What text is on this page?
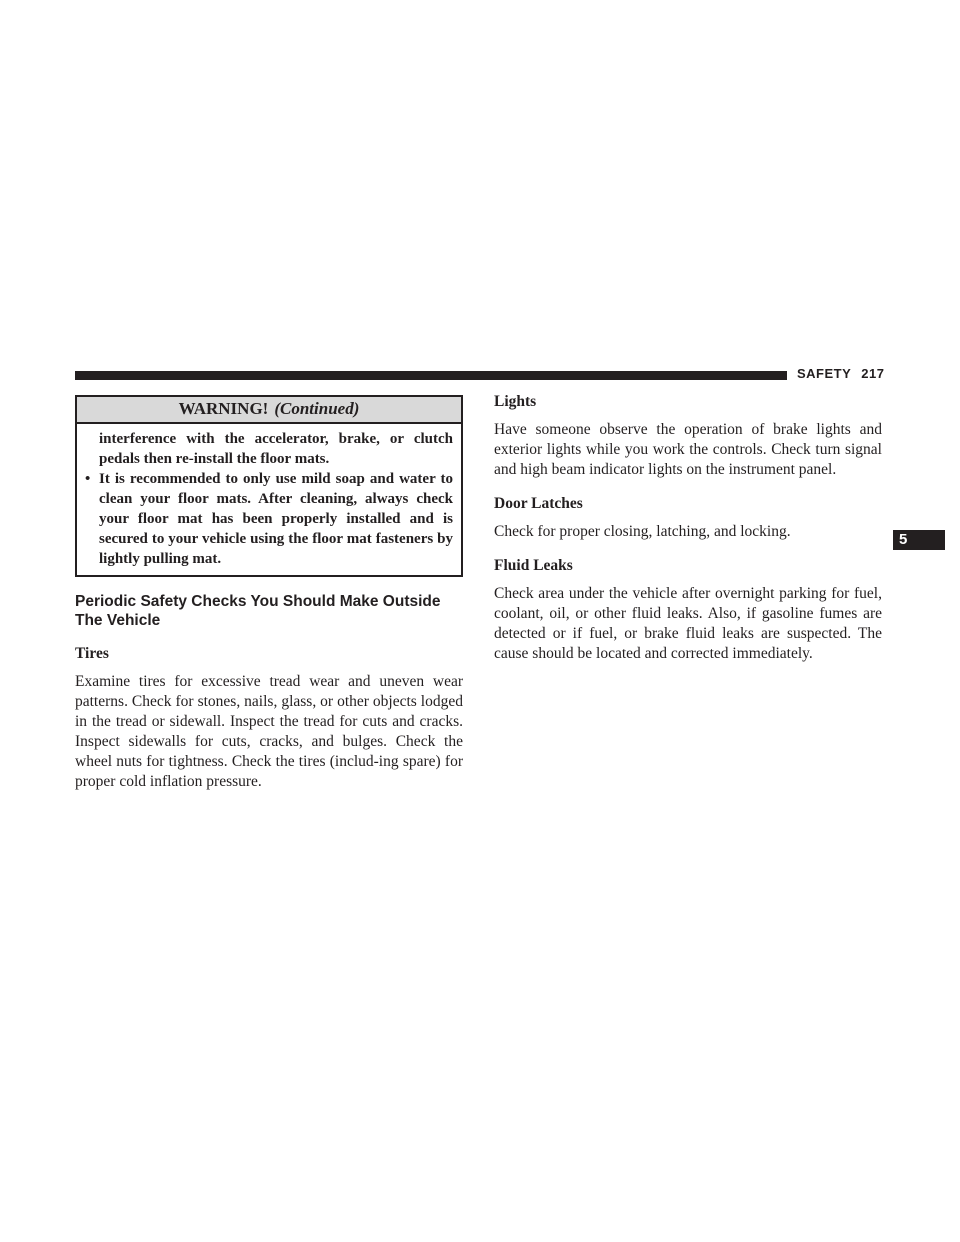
SAFETY 217
5
WARNING! (Continued)

interference with the accelerator, brake, or clutch pedals then re-install the floor mats.

• It is recommended to only use mild soap and water to clean your floor mats. After cleaning, always check your floor mat has been properly installed and is secured to your vehicle using the floor mat fasteners by lightly pulling mat.
Periodic Safety Checks You Should Make Outside The Vehicle
Tires

Examine tires for excessive tread wear and uneven wear patterns. Check for stones, nails, glass, or other objects lodged in the tread or sidewall. Inspect the tread for cuts and cracks. Inspect sidewalls for cuts, cracks, and bulges. Check the wheel nuts for tightness. Check the tires (includ-ing spare) for proper cold inflation pressure.

Lights

Have someone observe the operation of brake lights and exterior lights while you work the controls. Check turn signal and high beam indicator lights on the instrument panel.

Door Latches

Check for proper closing, latching, and locking.

Fluid Leaks

Check area under the vehicle after overnight parking for fuel, coolant, oil, or other fluid leaks. Also, if gasoline fumes are detected or if fuel, or brake fluid leaks are suspected. The cause should be located and corrected immediately.
